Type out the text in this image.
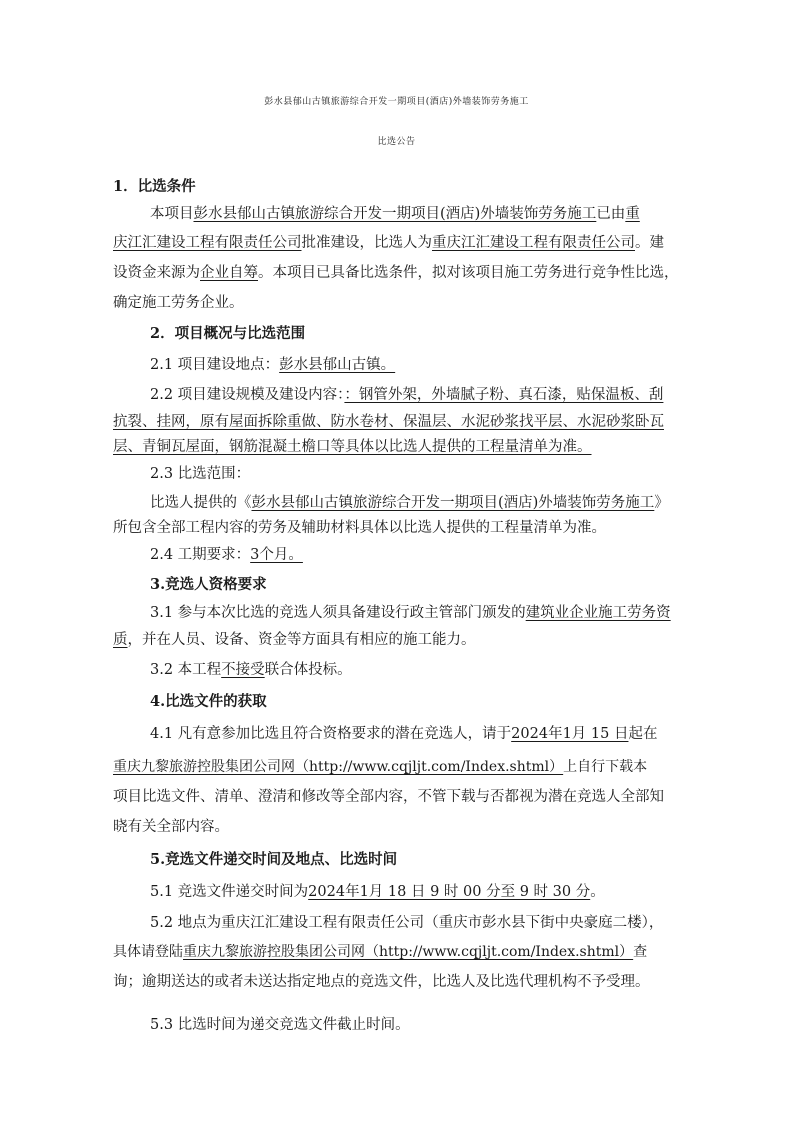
彭水县郁山古镇旅游综合开发一期项目(酒店)外墙装饰劳务施工
比选公告
1．比选条件
本项目彭水县郁山古镇旅游综合开发一期项目(酒店)外墙装饰劳务施工已由重
庆江汇建设工程有限责任公司批准建设，比选人为重庆江汇建设工程有限责任公司。建
设资金来源为企业自筹。本项目已具备比选条件，拟对该项目施工劳务进行竞争性比选，
确定施工劳务企业。
2．项目概况与比选范围
2.1 项目建设地点：彭水县郁山古镇。
2.2 项目建设规模及建设内容：：钢管外架，外墙腻子粉、真石漆，贴保温板、刮
抗裂、挂网，原有屋面拆除重做、防水卷材、保温层、水泥砂浆找平层、水泥砂浆卧瓦
层、青铜瓦屋面，钢筋混凝土檐口等具体以比选人提供的工程量清单为准。
2.3 比选范围：
比选人提供的《彭水县郁山古镇旅游综合开发一期项目(酒店)外墙装饰劳务施工》
所包含全部工程内容的劳务及辅助材料具体以比选人提供的工程量清单为准。
2.4 工期要求：3个月。
3.竞选人资格要求
3.1 参与本次比选的竞选人须具备建设行政主管部门颁发的建筑业企业施工劳务资
质，并在人员、设备、资金等方面具有相应的施工能力。
3.2 本工程不接受联合体投标。
4.比选文件的获取
4.1 凡有意参加比选且符合资格要求的潜在竞选人，请于2024年1月 15 日起在
重庆九黎旅游控股集团公司网（http://www.cqjljt.com/Index.shtml）上自行下载本
项目比选文件、清单、澄清和修改等全部内容，不管下载与否都视为潜在竞选人全部知
晓有关全部内容。
5.竞选文件递交时间及地点、比选时间
5.1 竞选文件递交时间为2024年1月 18 日 9 时 00 分至 9 时 30 分。
5.2 地点为重庆江汇建设工程有限责任公司（重庆市彭水县下街中央豪庭二楼），
具体请登陆重庆九黎旅游控股集团公司网（http://www.cqjljt.com/Index.shtml）查
询；逾期送达的或者未送达指定地点的竞选文件，比选人及比选代理机构不予受理。
5.3 比选时间为递交竞选文件截止时间。
